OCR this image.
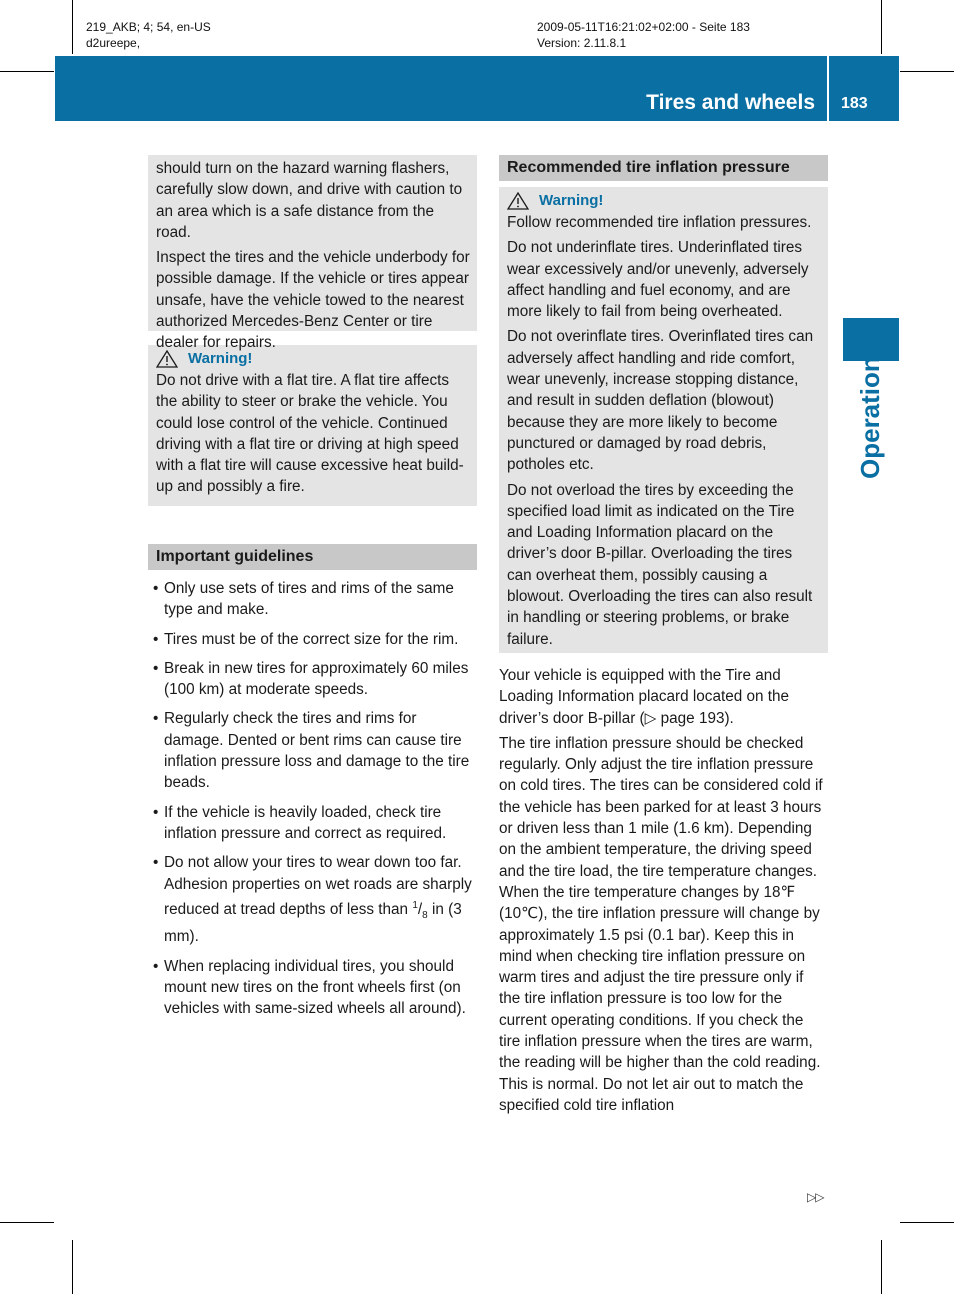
219_AKB; 4; 54, en-US
d2ureepe,
2009-05-11T16:21:02+02:00 - Seite 183
Version: 2.11.8.1
Tires and wheels 183
Operation

should turn on the hazard warning flashers, carefully slow down, and drive with caution to an area which is a safe distance from the road.

Inspect the tires and the vehicle underbody for possible damage. If the vehicle or tires appear unsafe, have the vehicle towed to the nearest authorized Mercedes-Benz Center or tire dealer for repairs.

Warning!

Do not drive with a flat tire. A flat tire affects the ability to steer or brake the vehicle. You could lose control of the vehicle. Continued driving with a flat tire or driving at high speed with a flat tire will cause excessive heat build-up and possibly a fire.

Important guidelines
• Only use sets of tires and rims of the same type and make.
• Tires must be of the correct size for the rim.
• Break in new tires for approximately 60 miles (100 km) at moderate speeds.
• Regularly check the tires and rims for damage. Dented or bent rims can cause tire inflation pressure loss and damage to the tire beads.
• If the vehicle is heavily loaded, check tire inflation pressure and correct as required.
• Do not allow your tires to wear down too far. Adhesion properties on wet roads are sharply reduced at tread depths of less than $^1/_8$ in (3 mm).
• When replacing individual tires, you should mount new tires on the front wheels first (on vehicles with same-sized wheels all around).
Recommended tire inflation pressure
Warning!

Follow recommended tire inflation pressures.

Do not underinflate tires. Underinflated tires wear excessively and/or unevenly, adversely affect handling and fuel economy, and are more likely to fail from being overheated.

Do not overinflate tires. Overinflated tires can adversely affect handling and ride comfort, wear unevenly, increase stopping distance, and result in sudden deflation (blowout) because they are more likely to become punctured or damaged by road debris, potholes etc.

Do not overload the tires by exceeding the specified load limit as indicated on the Tire and Loading Information placard on the driver’s door B-pillar. Overloading the tires can overheat them, possibly causing a blowout. Overloading the tires can also result in handling or steering problems, or brake failure.

Your vehicle is equipped with the Tire and Loading Information placard located on the driver’s door B-pillar (▷ page 193).

The tire inflation pressure should be checked regularly. Only adjust the tire inflation pressure on cold tires. The tires can be considered cold if the vehicle has been parked for at least 3 hours or driven less than 1 mile (1.6 km). Depending on the ambient temperature, the driving speed and the tire load, the tire temperature changes. When the tire temperature changes by 18℉ (10℃), the tire inflation pressure will change by approximately 1.5 psi (0.1 bar). Keep this in mind when checking tire inflation pressure on warm tires and adjust the tire pressure only if the tire inflation pressure is too low for the current operating conditions. If you check the tire inflation pressure when the tires are warm, the reading will be higher than the cold reading. This is normal. Do not let air out to match the specified cold tire inflation

▷▷
